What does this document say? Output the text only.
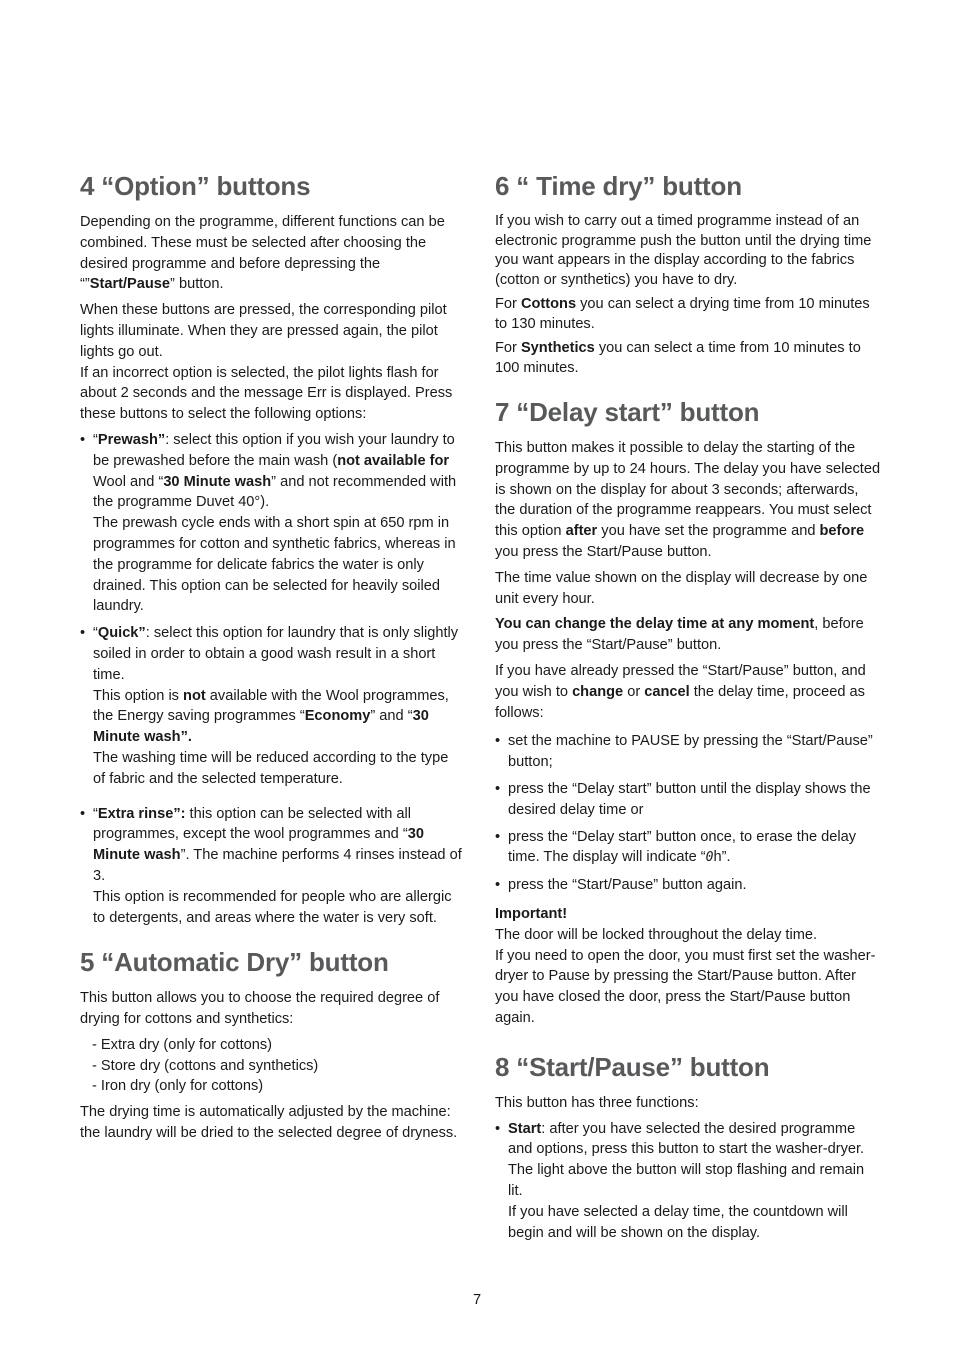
4 “Option” buttons

Depending on the programme, different functions can be combined. These must be selected after choosing the desired programme and before depressing the “”Start/Pause” button.

When these buttons are pressed, the corresponding pilot lights illuminate. When they are pressed again, the pilot lights go out.

If an incorrect option is selected, the pilot lights flash for about 2 seconds and the message Err is displayed. Press these buttons to select the following options:

• “Prewash”: select this option if you wish your laundry to be prewashed before the main wash (not available for Wool and “30 Minute wash” and not recommended with the programme Duvet 40°).
The prewash cycle ends with a short spin at 650 rpm in programmes for cotton and synthetic fabrics, whereas in the programme for delicate fabrics the water is only drained. This option can be selected for heavily soiled laundry.
• “Quick”: select this option for laundry that is only slightly soiled in order to obtain a good wash result in a short time.
This option is not available with the Wool programmes, the Energy saving programmes “Economy” and “30 Minute wash”.
The washing time will be reduced according to the type of fabric and the selected temperature.
• “Extra rinse”: this option can be selected with all programmes, except the wool programmes and “30 Minute wash”. The machine performs 4 rinses instead of 3.
This option is recommended for people who are allergic to detergents, and areas where the water is very soft.
5 “Automatic Dry” button

This button allows you to choose the required degree of drying for cottons and synthetics:

- Extra dry (only for cottons)
- Store dry (cottons and synthetics)
- Iron dry (only for cottons)

The drying time is automatically adjusted by the machine: the laundry will be dried to the selected degree of dryness.

6 “ Time dry” button

If you wish to carry out a timed programme instead of an electronic programme push the button until the drying time you want appears in the display according to the fabrics (cotton or synthetics) you have to dry.

For Cottons you can select a drying time from 10 minutes to 130 minutes.

For Synthetics you can select a time from 10 minutes to 100 minutes.

7 “Delay start” button

This button makes it possible to delay the starting of the programme by up to 24 hours. The delay you have selected is shown on the display for about 3 seconds; afterwards, the duration of the programme reappears. You must select this option after you have set the programme and before you press the Start/Pause button.

The time value shown on the display will decrease by one unit every hour.

You can change the delay time at any moment, before you press the “Start/Pause” button.

If you have already pressed the “Start/Pause” button, and you wish to change or cancel the delay time, proceed as follows:

• set the machine to PAUSE by pressing the “Start/Pause” button;
• press the “Delay start” button until the display shows the desired delay time or
• press the “Delay start” button once, to erase the delay time. The display will indicate “0h”.
• press the “Start/Pause” button again.

Important!

The door will be locked throughout the delay time.

If you need to open the door, you must first set the washer-dryer to Pause by pressing the Start/Pause button. After you have closed the door, press the Start/Pause button again.

8 “Start/Pause” button

This button has three functions:

• Start: after you have selected the desired programme and options, press this button to start the washer-dryer. The light above the button will stop flashing and remain lit.
If you have selected a delay time, the countdown will begin and will be shown on the display.
7
